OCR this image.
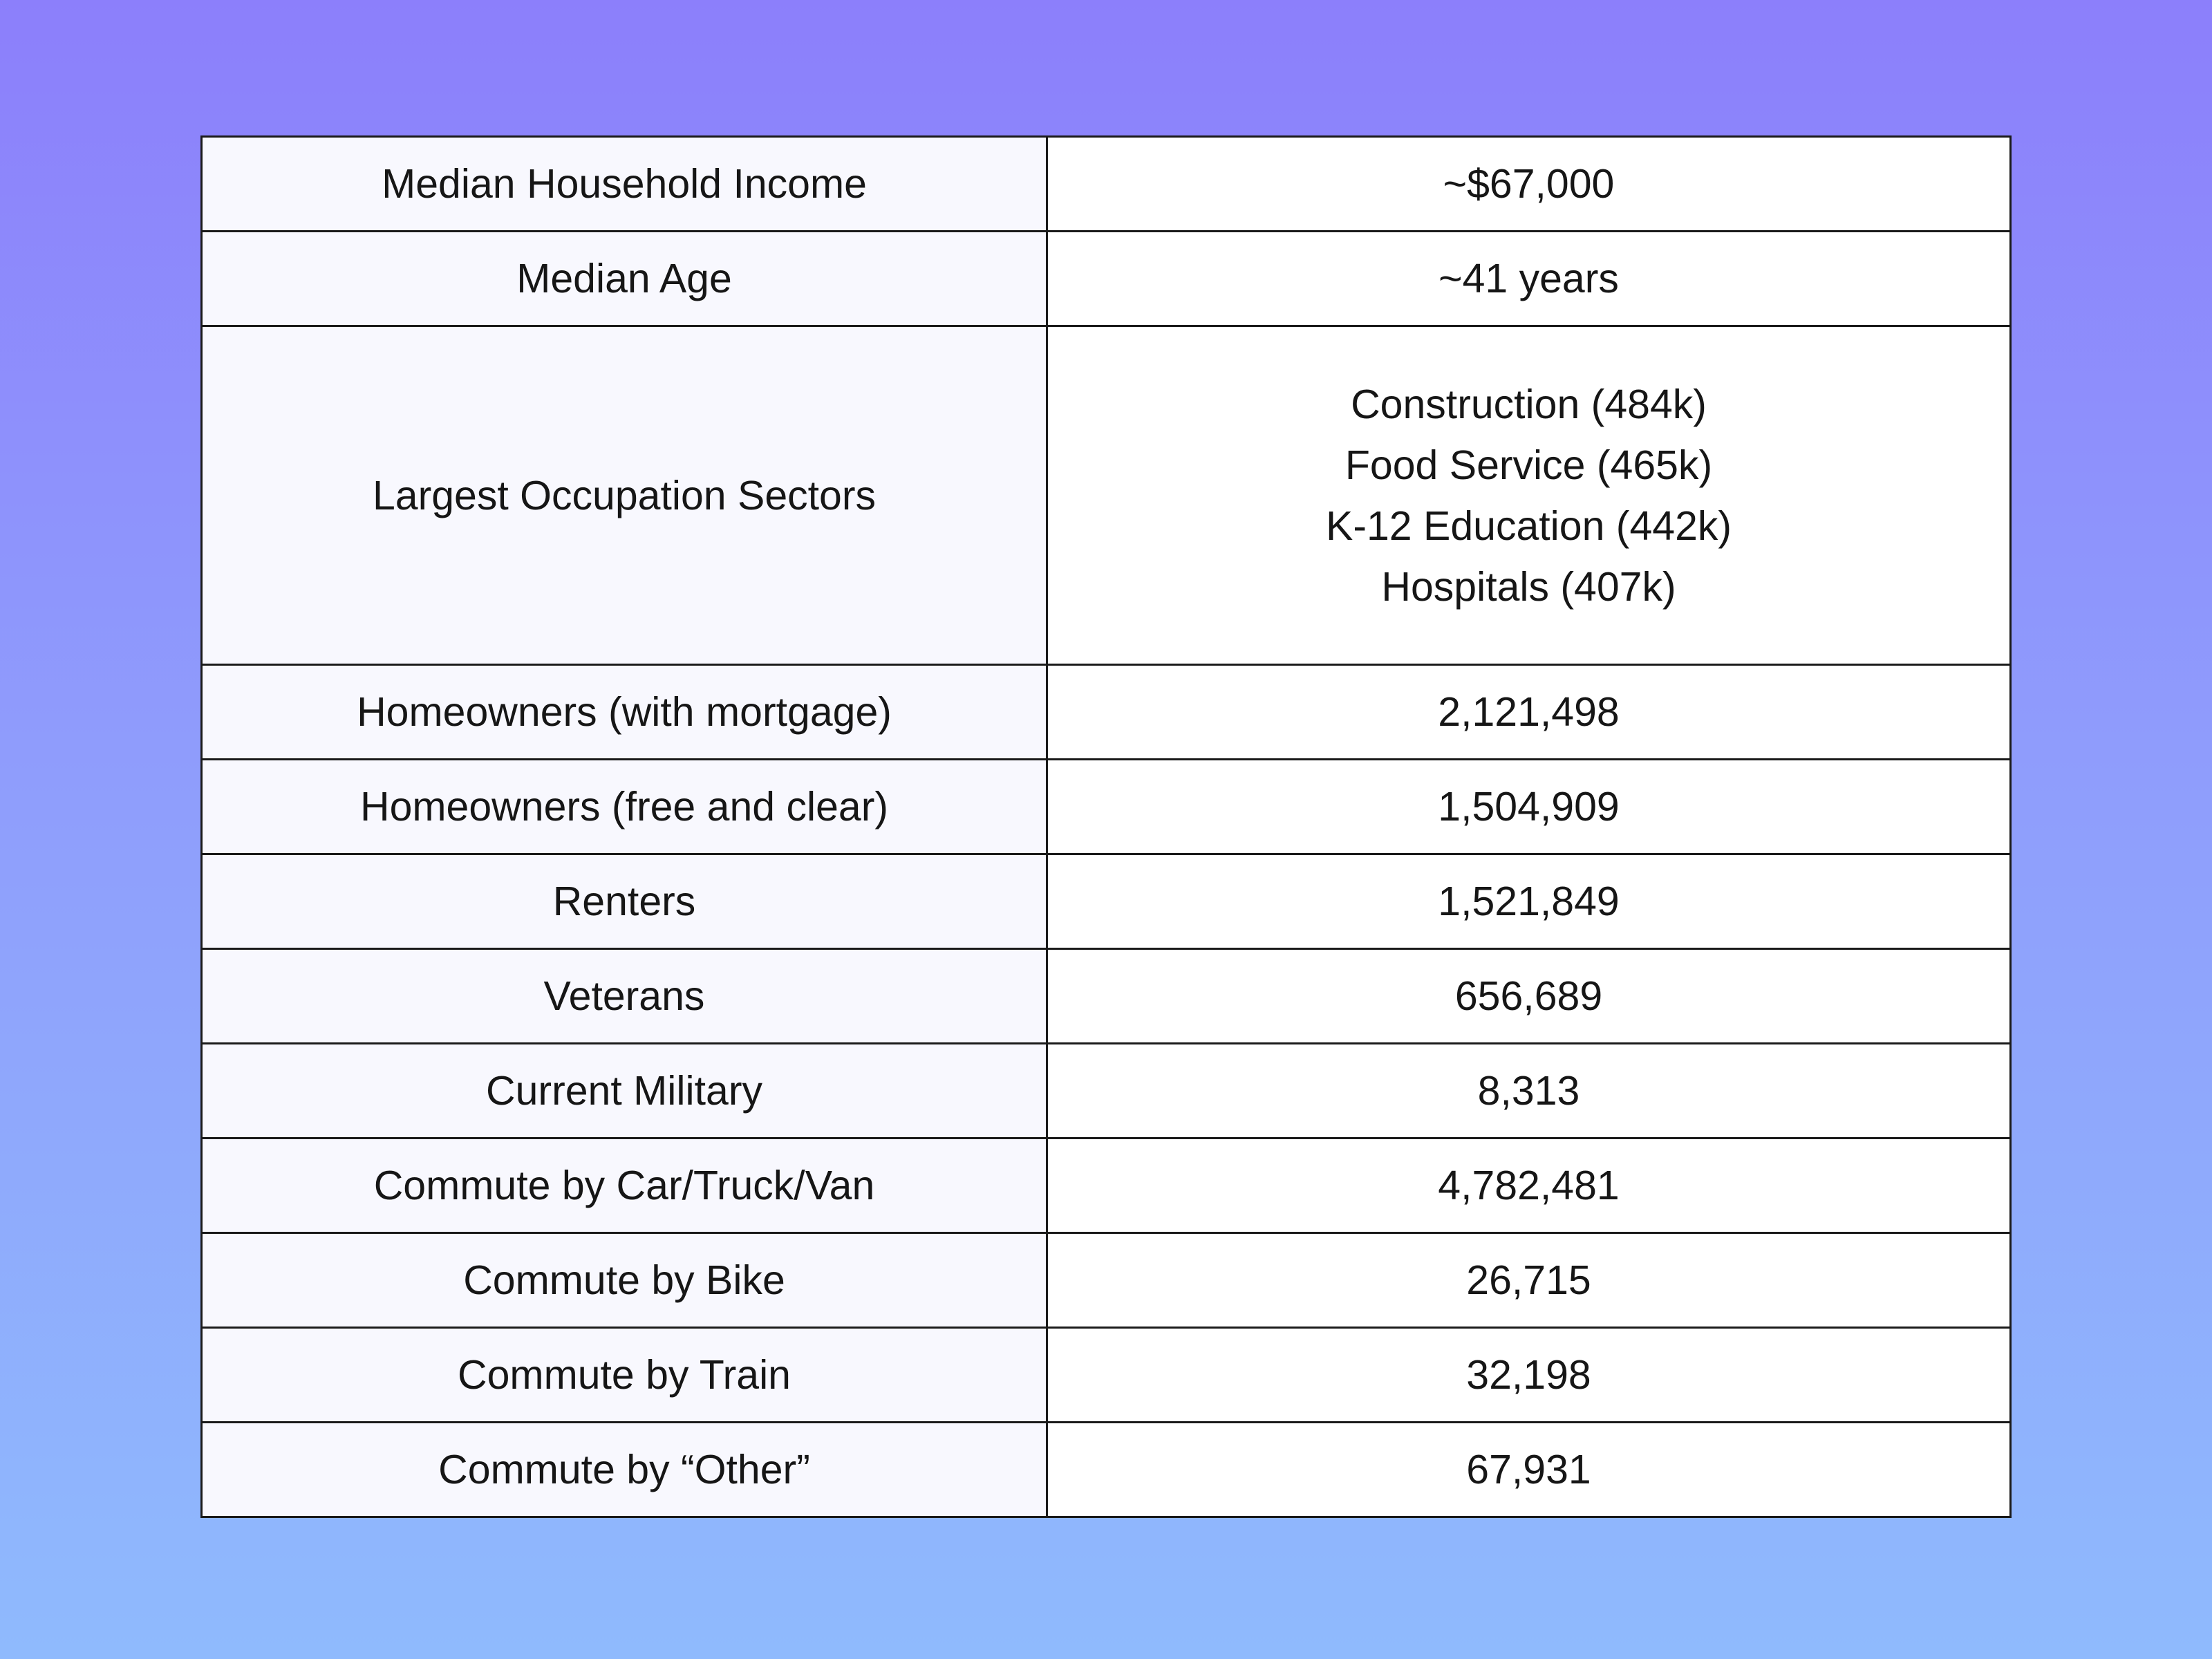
Median Household Income	~$67,000
Median Age	~41 years
Largest Occupation Sectors	Construction (484k)
Food Service (465k)
K-12 Education (442k)
Hospitals (407k)

Homeowners (with mortgage)	2,121,498
Homeowners (free and clear)	1,504,909
Renters	1,521,849
Veterans	656,689
Current Military	8,313
Commute by Car/Truck/Van	4,782,481
Commute by Bike	26,715
Commute by Train	32,198
Commute by “Other”	67,931
